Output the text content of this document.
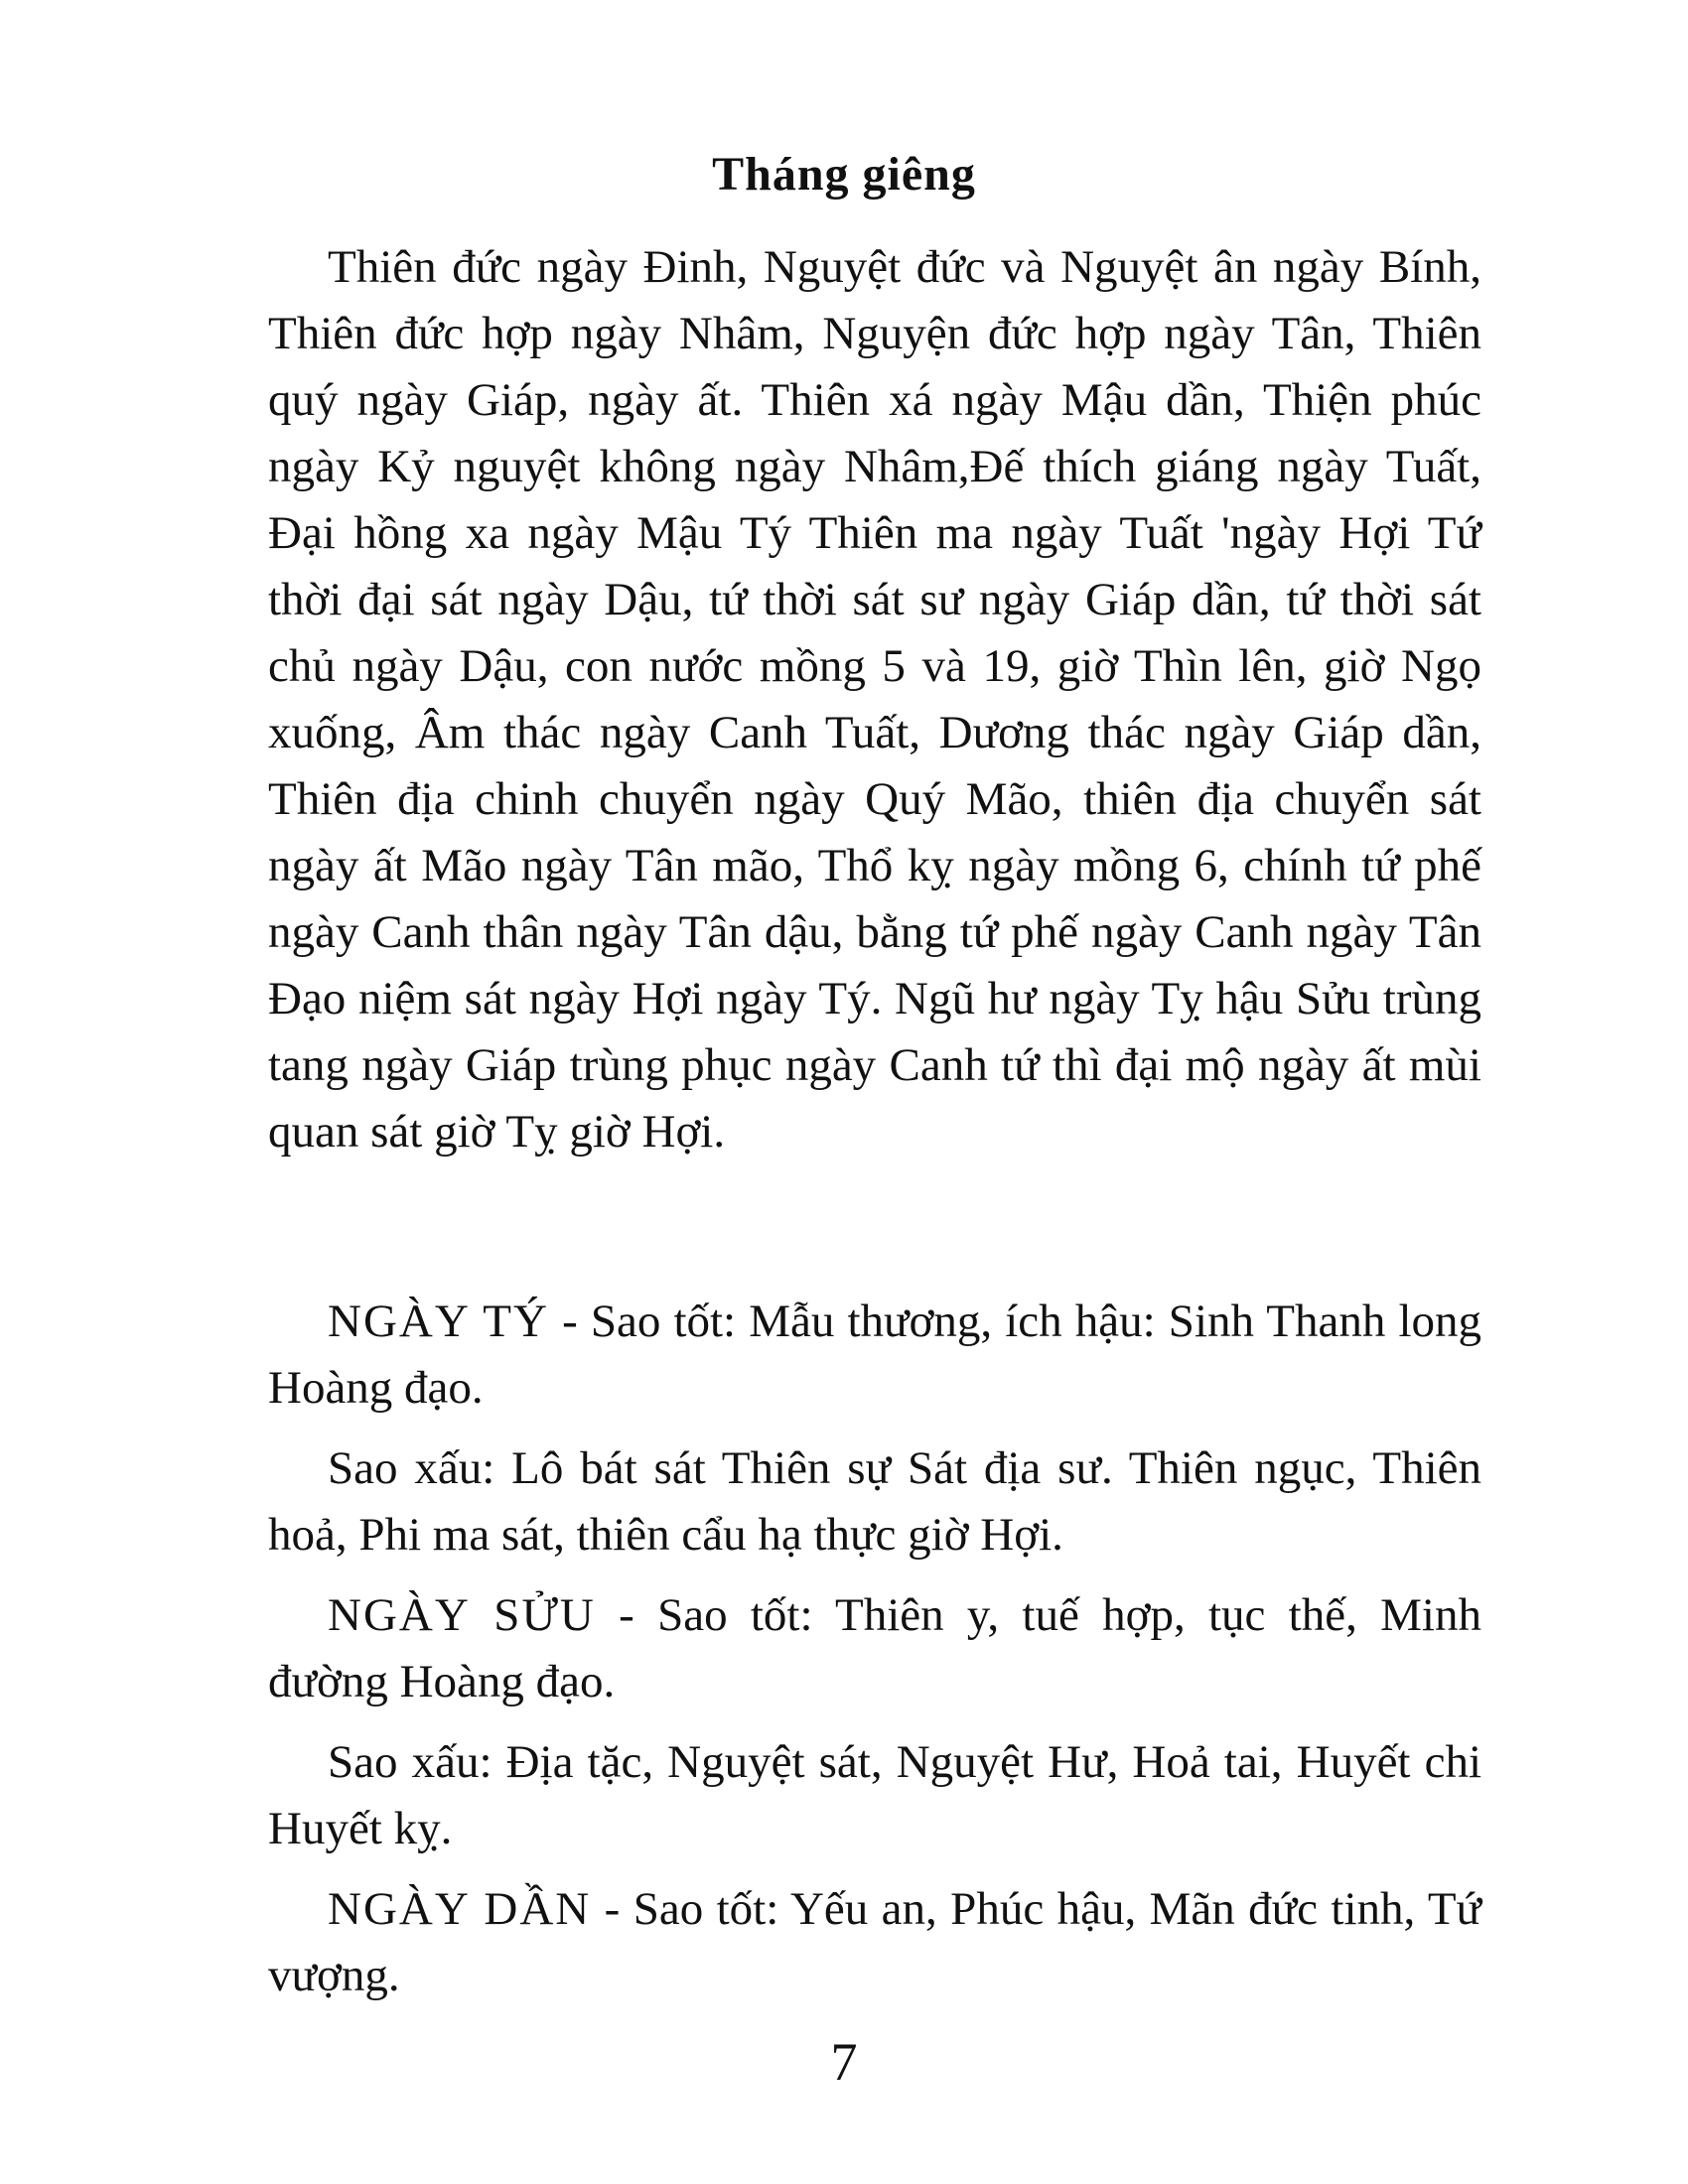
Tháng giêng

Thiên đức ngày Đinh, Nguyệt đức và Nguyệt ân ngày Bính, Thiên đức hợp ngày Nhâm, Nguyện đức hợp ngày Tân, Thiên quý ngày Giáp, ngày ất. Thiên xá ngày Mậu dần, Thiện phúc ngày Kỷ nguyệt không ngày Nhâm,Đế thích giáng ngày Tuất, Đại hồng xa ngày Mậu Tý Thiên ma ngày Tuất 'ngày Hợi Tứ thời đại sát ngày Dậu, tứ thời sát sư ngày Giáp dần, tứ thời sát chủ ngày Dậu, con nước mồng 5 và 19, giờ Thìn lên, giờ Ngọ xuống, Âm thác ngày Canh Tuất, Dương thác ngày Giáp dần, Thiên địa chinh chuyển ngày Quý Mão, thiên địa chuyển sát ngày ất Mão ngày Tân mão, Thổ kỵ ngày mồng 6, chính tứ phế ngày Canh thân ngày Tân dậu, bằng tứ phế ngày Canh ngày Tân Đạo niệm sát ngày Hợi ngày Tý. Ngũ hư ngày Tỵ hậu Sửu trùng tang ngày Giáp trùng phục ngày Canh tứ thì đại mộ ngày ất mùi quan sát giờ Tỵ giờ Hợi.

NGÀY TÝ - Sao tốt: Mẫu thương, ích hậu: Sinh Thanh long Hoàng đạo.

Sao xấu: Lô bát sát Thiên sự Sát địa sư. Thiên ngục, Thiên hoả, Phi ma sát, thiên cẩu hạ thực giờ Hợi.

NGÀY SỬU - Sao tốt: Thiên y, tuế hợp, tục thế, Minh đường Hoàng đạo.

Sao xấu: Địa tặc, Nguyệt sát, Nguyệt Hư, Hoả tai, Huyết chi Huyết kỵ.

NGÀY DẦN - Sao tốt: Yếu an, Phúc hậu, Mãn đức tinh, Tứ vượng.

7
